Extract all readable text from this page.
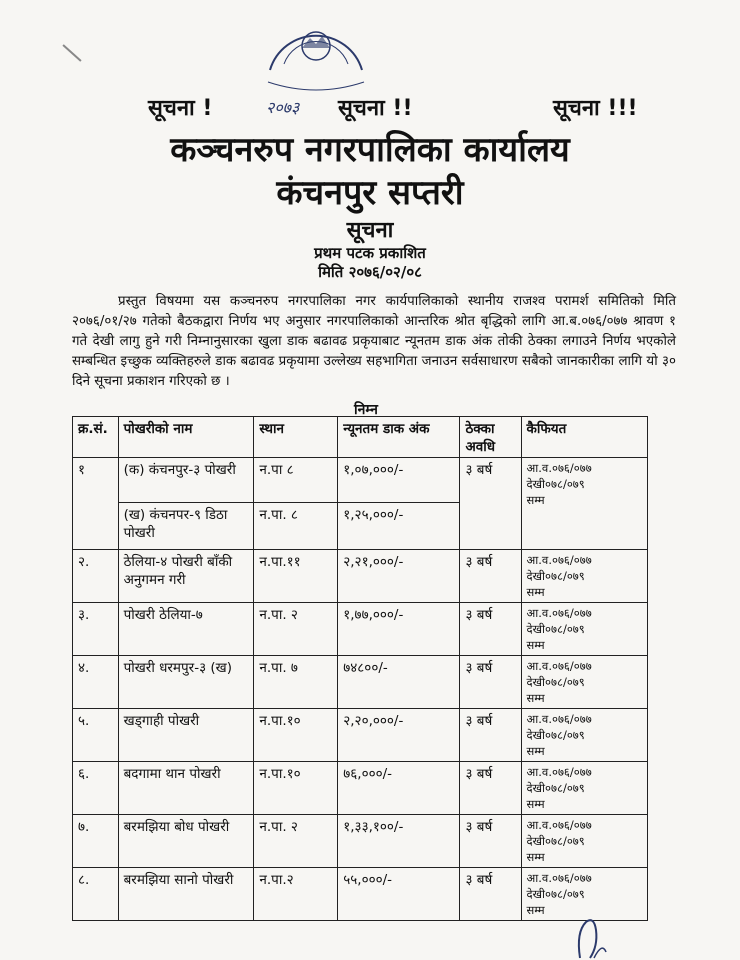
२०७३
सूचना !	सूचना !!	सूचना !!!
कञ्चनरुप नगरपालिका कार्यालय
कंचनपुर सप्तरी
सूचना
प्रथम पटक प्रकाशित
मिति २०७६/०२/०८
प्रस्तुत विषयमा यस कञ्चनरुप नगरपालिका नगर कार्यपालिकाको स्थानीय राजश्व परामर्श समितिको मिति २०७६/०१/२७ गतेको बैठकद्वारा निर्णय भए अनुसार नगरपालिकाको आन्तरिक श्रोत बृद्धिको लागि आ.ब.०७६/०७७ श्रावण १ गते देखी लागु हुने गरी निम्नानुसारका खुला डाक बढावढ प्रकृयाबाट न्यूनतम डाक अंक तोकी ठेक्का लगाउने निर्णय भएकोले सम्बन्धित इच्छुक व्यक्तिहरुले डाक बढावढ प्रकृयामा उल्लेख्य सहभागिता जनाउन सर्वसाधारण सबैको जानकारीका लागि यो ३० दिने सूचना प्रकाशन गरिएको छ ।
निम्न
क्र.सं.	पोखरीको नाम	स्थान	न्यूनतम डाक अंक	ठेक्का अवधि	कैफियत
१	(क) कंचनपुर-३ पोखरी	न.पा ८	१,०७,०००/-	३ बर्ष	आ.व.०७६/०७७
देखी०७८/०७९
सम्म

	(ख) कंचनपर-९ डिठा पोखरी	न.पा. ८	१,२५,०००/-		
२.	ठेलिया-४ पोखरी बाँकी अनुगमन गरी	न.पा.११	२,२१,०००/-	३ बर्ष	आ.व.०७६/०७७
देखी०७८/०७९
सम्म

३.	पोखरी ठेलिया-७	न.पा. २	१,७७,०००/-	३ बर्ष	आ.व.०७६/०७७
देखी०७८/०७९
सम्म

४.	पोखरी धरमपुर-३ (ख)	न.पा. ७	७४८००/-	३ बर्ष	आ.व.०७६/०७७
देखी०७८/०७९
सम्म

५.	खड्गाही पोखरी	न.पा.१०	२,२०,०००/-	३ बर्ष	आ.व.०७६/०७७
देखी०७८/०७९
सम्म

६.	बदगामा थान पोखरी	न.पा.१०	७६,०००/-	३ बर्ष	आ.व.०७६/०७७
देखी०७८/०७९
सम्म

७.	बरमझिया बोध पोखरी	न.पा. २	१,३३,१००/-	३ बर्ष	आ.व.०७६/०७७
देखी०७८/०७९
सम्म

८.	बरमझिया सानो पोखरी	न.पा.२	५५,०००/-	३ बर्ष	आ.व.०७६/०७७
देखी०७८/०७९
सम्म
